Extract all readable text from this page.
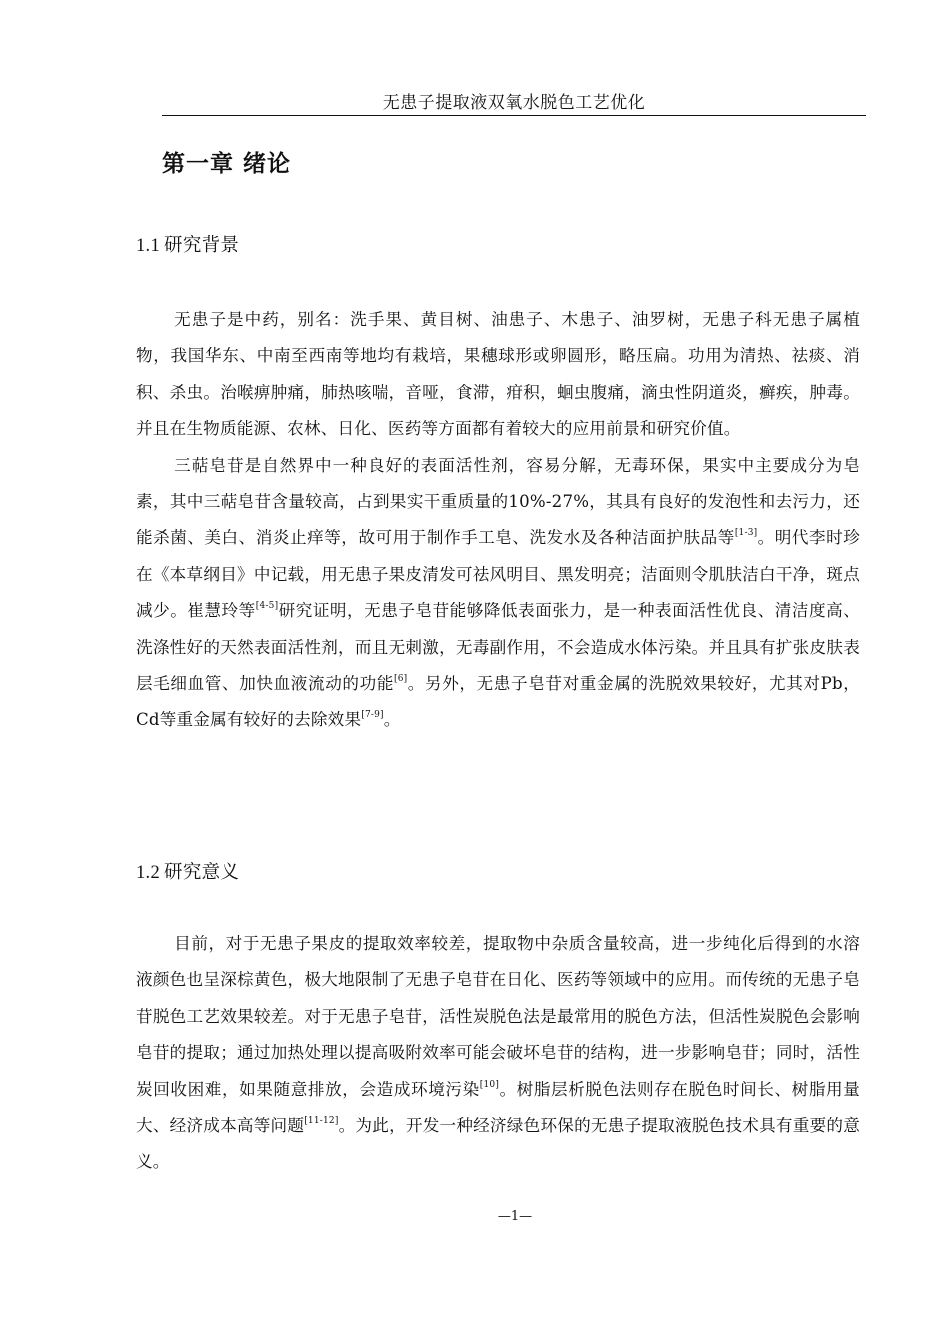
无患子提取液双氧水脱色工艺优化
第一章 绪论
1.1 研究背景

无患子是中药，别名：洗手果、黄目树、油患子、木患子、油罗树，无患子科无患子属植物，我国华东、中南至西南等地均有栽培，果穗球形或卵圆形，略压扁。功用为清热、祛痰、消积、杀虫。治喉痹肿痛，肺热咳喘，音哑，食滞，疳积，蛔虫腹痛，滴虫性阴道炎，癣疾，肿毒。并且在生物质能源、农林、日化、医药等方面都有着较大的应用前景和研究价值。

三萜皂苷是自然界中一种良好的表面活性剂，容易分解，无毒环保，果实中主要成分为皂素，其中三萜皂苷含量较高，占到果实干重质量的10%-27%，其具有良好的发泡性和去污力，还能杀菌、美白、消炎止痒等，故可用于制作手工皂、洗发水及各种洁面护肤品等[1-3]。明代李时珍在《本草纲目》中记载，用无患子果皮清发可祛风明目、黑发明亮；洁面则令肌肤洁白干净，斑点减少。崔慧玲等[4-5]研究证明，无患子皂苷能够降低表面张力，是一种表面活性优良、清洁度高、洗涤性好的天然表面活性剂，而且无刺激，无毒副作用，不会造成水体污染。并且具有扩张皮肤表层毛细血管、加快血液流动的功能[6]。另外，无患子皂苷对重金属的洗脱效果较好，尤其对Pb，Cd等重金属有较好的去除效果[7-9]。

1.2 研究意义

目前，对于无患子果皮的提取效率较差，提取物中杂质含量较高，进一步纯化后得到的水溶液颜色也呈深棕黄色，极大地限制了无患子皂苷在日化、医药等领域中的应用。而传统的无患子皂苷脱色工艺效果较差。对于无患子皂苷，活性炭脱色法是最常用的脱色方法，但活性炭脱色会影响皂苷的提取；通过加热处理以提高吸附效率可能会破坏皂苷的结构，进一步影响皂苷；同时，活性炭回收困难，如果随意排放，会造成环境污染[10]。树脂层析脱色法则存在脱色时间长、树脂用量大、经济成本高等问题[11-12]。为此，开发一种经济绿色环保的无患子提取液脱色技术具有重要的意义。

—1—
